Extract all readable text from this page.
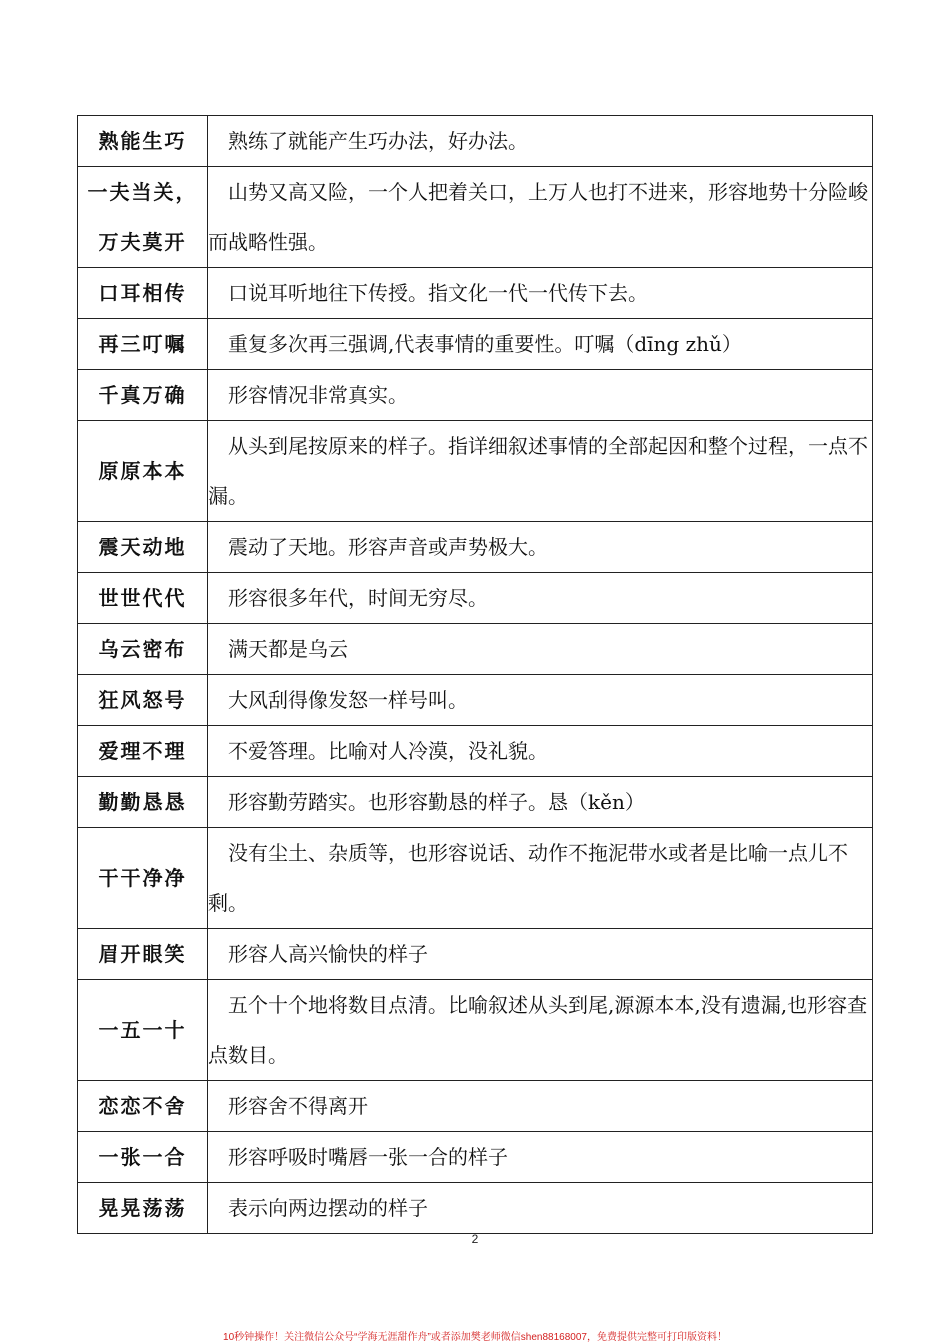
熟能生巧	熟练了就能产生巧办法，好办法。
一夫当关，万夫莫开	山势又高又险，一个人把着关口，上万人也打不进来，形容地势十分险峻而战略性强。
口耳相传	口说耳听地往下传授。指文化一代一代传下去。
再三叮嘱	重复多次再三强调,代表事情的重要性。叮嘱（dīng zhǔ）
千真万确	形容情况非常真实。
原原本本	从头到尾按原来的样子。指详细叙述事情的全部起因和整个过程，一点不漏。
震天动地	震动了天地。形容声音或声势极大。
世世代代	形容很多年代，时间无穷尽。
乌云密布	满天都是乌云
狂风怒号	大风刮得像发怒一样号叫。
爱理不理	不爱答理。比喻对人冷漠，没礼貌。
勤勤恳恳	形容勤劳踏实。也形容勤恳的样子。恳（kěn）
干干净净	没有尘土、杂质等，也形容说话、动作不拖泥带水或者是比喻一点儿不剩。
眉开眼笑	形容人高兴愉快的样子
一五一十	五个十个地将数目点清。比喻叙述从头到尾,源源本本,没有遗漏,也形容查点数目。
恋恋不舍	形容舍不得离开
一张一合	形容呼吸时嘴唇一张一合的样子
晃晃荡荡	表示向两边摆动的样子
2
10秒钟操作！关注微信公众号“学海无涯甜作舟”或者添加樊老师微信shen88168007，免费提供完整可打印版资料！
